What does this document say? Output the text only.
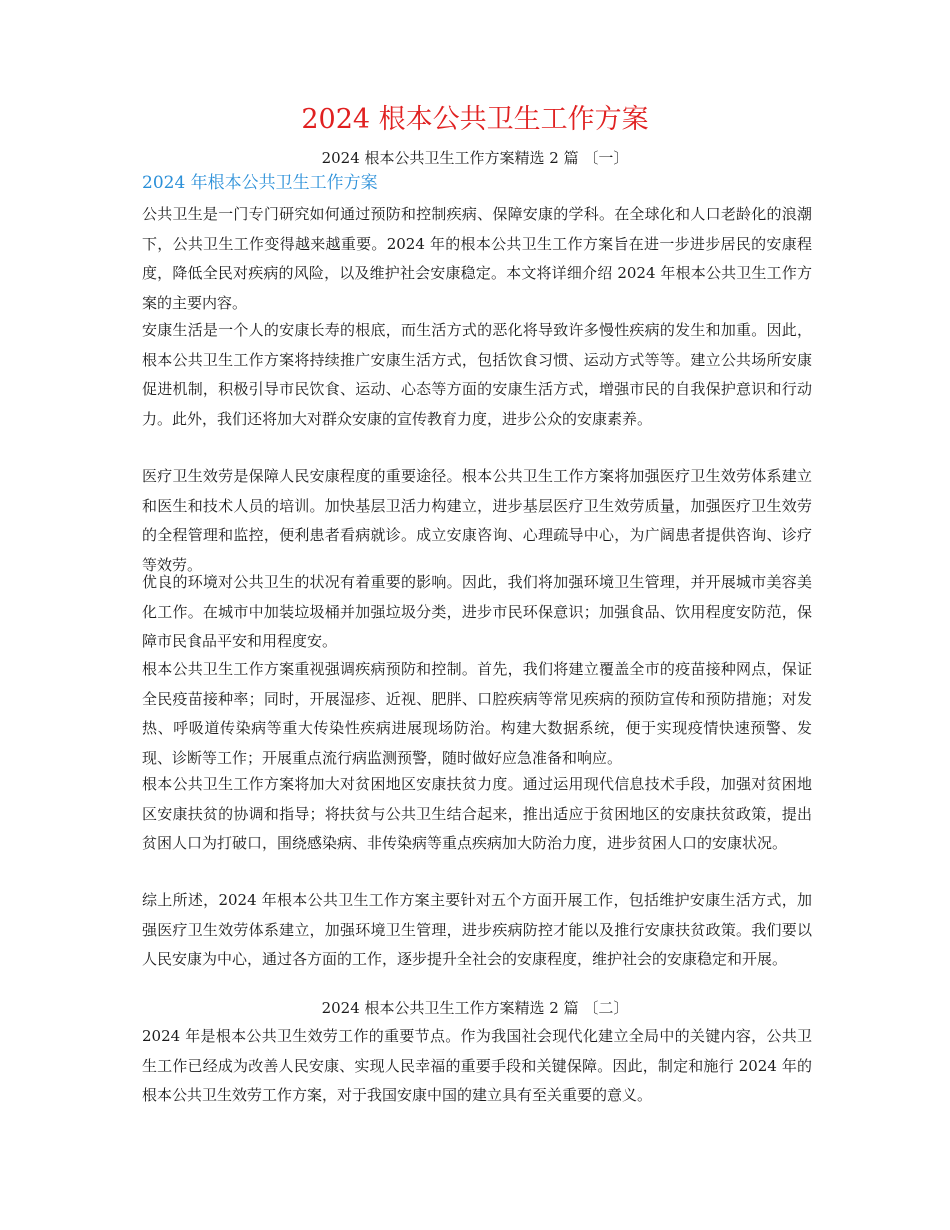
2024 根本公共卫生工作方案
2024 根本公共卫生工作方案精选 2 篇 〔一〕
2024 年根本公共卫生工作方案

公共卫生是一门专门研究如何通过预防和控制疾病、保障安康的学科。在全球化和人口老龄化的浪潮下，公共卫生工作变得越来越重要。2024 年的根本公共卫生工作方案旨在进一步进步居民的安康程度，降低全民对疾病的风险，以及维护社会安康稳定。本文将详细介绍 2024 年根本公共卫生工作方案的主要内容。

安康生活是一个人的安康长寿的根底，而生活方式的恶化将导致许多慢性疾病的发生和加重。因此，根本公共卫生工作方案将持续推广安康生活方式，包括饮食习惯、运动方式等等。建立公共场所安康促进机制，积极引导市民饮食、运动、心态等方面的安康生活方式，增强市民的自我保护意识和行动力。此外，我们还将加大对群众安康的宣传教育力度，进步公众的安康素养。

医疗卫生效劳是保障人民安康程度的重要途径。根本公共卫生工作方案将加强医疗卫生效劳体系建立和医生和技术人员的培训。加快基层卫活力构建立，进步基层医疗卫生效劳质量，加强医疗卫生效劳的全程管理和监控，便利患者看病就诊。成立安康咨询、心理疏导中心，为广阔患者提供咨询、诊疗等效劳。

优良的环境对公共卫生的状况有着重要的影响。因此，我们将加强环境卫生管理，并开展城市美容美化工作。在城市中加装垃圾桶并加强垃圾分类，进步市民环保意识；加强食品、饮用程度安防范，保障市民食品平安和用程度安。

根本公共卫生工作方案重视强调疾病预防和控制。首先，我们将建立覆盖全市的疫苗接种网点，保证全民疫苗接种率；同时，开展湿疹、近视、肥胖、口腔疾病等常见疾病的预防宣传和预防措施；对发热、呼吸道传染病等重大传染性疾病进展现场防治。构建大数据系统，便于实现疫情快速预警、发现、诊断等工作；开展重点流行病监测预警，随时做好应急准备和响应。

根本公共卫生工作方案将加大对贫困地区安康扶贫力度。通过运用现代信息技术手段，加强对贫困地区安康扶贫的协调和指导；将扶贫与公共卫生结合起来，推出适应于贫困地区的安康扶贫政策，提出贫困人口为打破口，围绕感染病、非传染病等重点疾病加大防治力度，进步贫困人口的安康状况。

综上所述，2024 年根本公共卫生工作方案主要针对五个方面开展工作，包括维护安康生活方式，加强医疗卫生效劳体系建立，加强环境卫生管理，进步疾病防控才能以及推行安康扶贫政策。我们要以人民安康为中心，通过各方面的工作，逐步提升全社会的安康程度，维护社会的安康稳定和开展。

2024 根本公共卫生工作方案精选 2 篇 〔二〕

2024 年是根本公共卫生效劳工作的重要节点。作为我国社会现代化建立全局中的关键内容，公共卫生工作已经成为改善人民安康、实现人民幸福的重要手段和关键保障。因此，制定和施行 2024 年的根本公共卫生效劳工作方案，对于我国安康中国的建立具有至关重要的意义。
